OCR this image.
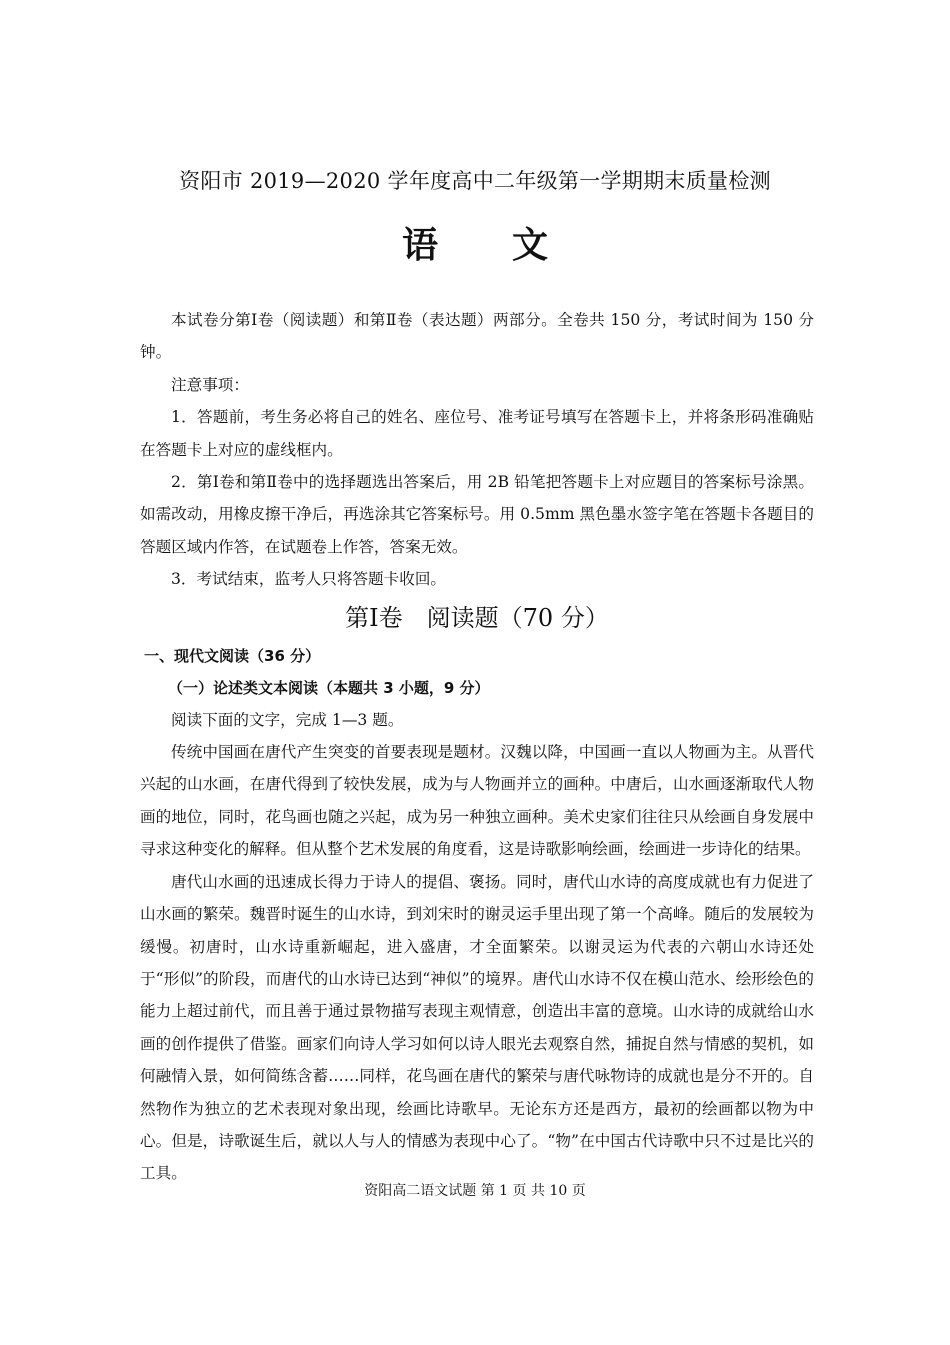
资阳市 2019—2020 学年度高中二年级第一学期期末质量检测
语 文

本试卷分第Ⅰ卷（阅读题）和第Ⅱ卷（表达题）两部分。全卷共 150 分，考试时间为 150 分钟。

注意事项：

1．答题前，考生务必将自己的姓名、座位号、准考证号填写在答题卡上，并将条形码准确贴在答题卡上对应的虚线框内。

2．第Ⅰ卷和第Ⅱ卷中的选择题选出答案后，用 2B 铅笔把答题卡上对应题目的答案标号涂黑。如需改动，用橡皮擦干净后，再选涂其它答案标号。用 0.5mm 黑色墨水签字笔在答题卡各题目的答题区域内作答，在试题卷上作答，答案无效。

3．考试结束，监考人只将答题卡收回。

第Ⅰ卷　阅读题（70 分）

一、现代文阅读（36 分）

（一）论述类文本阅读（本题共 3 小题，9 分）

阅读下面的文字，完成 1—3 题。

传统中国画在唐代产生突变的首要表现是题材。汉魏以降，中国画一直以人物画为主。从晋代兴起的山水画，在唐代得到了较快发展，成为与人物画并立的画种。中唐后，山水画逐渐取代人物画的地位，同时，花鸟画也随之兴起，成为另一种独立画种。美术史家们往往只从绘画自身发展中寻求这种变化的解释。但从整个艺术发展的角度看，这是诗歌影响绘画，绘画进一步诗化的结果。

唐代山水画的迅速成长得力于诗人的提倡、褒扬。同时，唐代山水诗的高度成就也有力促进了山水画的繁荣。魏晋时诞生的山水诗，到刘宋时的谢灵运手里出现了第一个高峰。随后的发展较为缓慢。初唐时，山水诗重新崛起，进入盛唐，才全面繁荣。以谢灵运为代表的六朝山水诗还处于“形似”的阶段，而唐代的山水诗已达到“神似”的境界。唐代山水诗不仅在模山范水、绘形绘色的能力上超过前代，而且善于通过景物描写表现主观情意，创造出丰富的意境。山水诗的成就给山水画的创作提供了借鉴。画家们向诗人学习如何以诗人眼光去观察自然，捕捉自然与情感的契机，如何融情入景，如何简练含蓄……同样，花鸟画在唐代的繁荣与唐代咏物诗的成就也是分不开的。自然物作为独立的艺术表现对象出现，绘画比诗歌早。无论东方还是西方，最初的绘画都以物为中心。但是，诗歌诞生后，就以人与人的情感为表现中心了。“物”在中国古代诗歌中只不过是比兴的工具。

资阳高二语文试题 第 1 页 共 10 页
